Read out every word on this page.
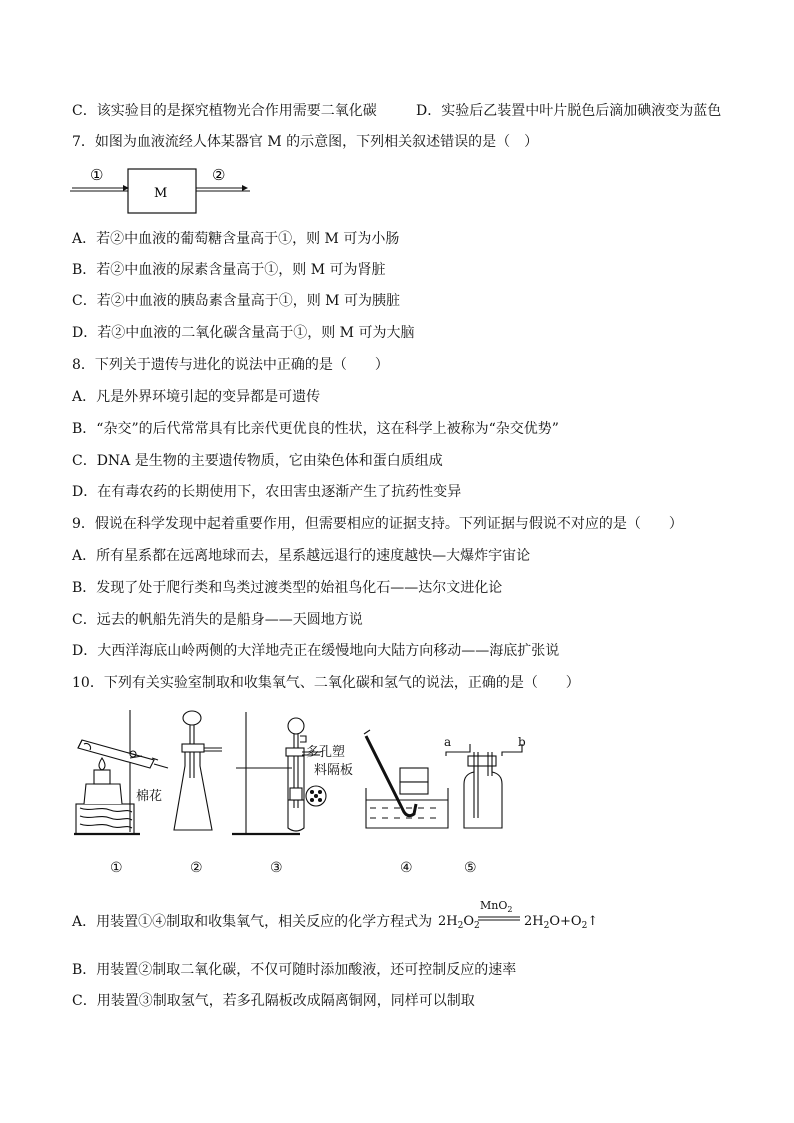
C．该实验目的是探究植物光合作用需要二氧化碳	D．实验后乙装置中叶片脱色后滴加碘液变为蓝色
7．如图为血液流经人体某器官 M 的示意图，下列相关叙述错误的是（　）
①
M
②
A．若②中血液的葡萄糖含量高于①，则 M 可为小肠
B．若②中血液的尿素含量高于①，则 M 可为肾脏
C．若②中血液的胰岛素含量高于①，则 M 可为胰脏
D．若②中血液的二氧化碳含量高于①，则 M 可为大脑
8．下列关于遗传与进化的说法中正确的是（　　）
A．凡是外界环境引起的变异都是可遗传
B．“杂交”的后代常常具有比亲代更优良的性状，这在科学上被称为“杂交优势”
C．DNA 是生物的主要遗传物质，它由染色体和蛋白质组成
D．在有毒农药的长期使用下，农田害虫逐渐产生了抗药性变异
9．假说在科学发现中起着重要作用，但需要相应的证据支持。下列证据与假说不对应的是（　　）
A．所有星系都在远离地球而去，星系越远退行的速度越快—大爆炸宇宙论
B．发现了处于爬行类和鸟类过渡类型的始祖鸟化石——达尔文进化论
C．远去的帆船先消失的是船身——天圆地方说
D．大西洋海底山岭两侧的大洋地壳正在缓慢地向大陆方向移动——海底扩张说
10．下列有关实验室制取和收集氧气、二氧化碳和氢气的说法，正确的是（　　）
棉花
多孔塑
料隔板
a	b
①	②	③	④	⑤
A．用装置①④制取和收集氧气，相关反应的化学方程式为 $2H_2O_2$
MnO$_2$
$2H_2O+O_2↑$
B．用装置②制取二氧化碳，不仅可随时添加酸液，还可控制反应的速率
C．用装置③制取氢气，若多孔隔板改成隔离铜网，同样可以制取
